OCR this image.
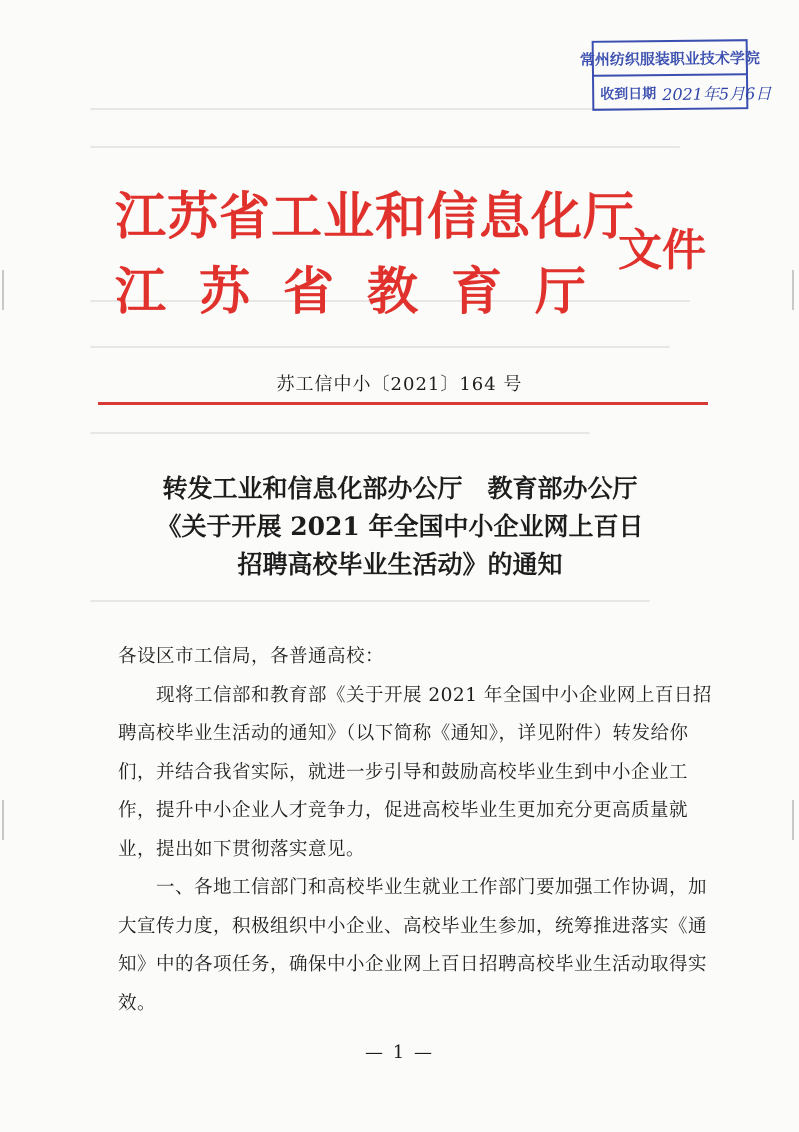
常州纺织服装职业技术学院
收到日期 2021年5月6日
江苏省工业和信息化厅
江苏省教育厅
文件
苏工信中小〔2021〕164 号
转发工业和信息化部办公厅　教育部办公厅
《关于开展 2021 年全国中小企业网上百日
招聘高校毕业生活动》的通知

各设区市工信局，各普通高校：

现将工信部和教育部《关于开展 2021 年全国中小企业网上百日招聘高校毕业生活动的通知》（以下简称《通知》，详见附件）转发给你们，并结合我省实际，就进一步引导和鼓励高校毕业生到中小企业工作，提升中小企业人才竞争力，促进高校毕业生更加充分更高质量就业，提出如下贯彻落实意见。

一、各地工信部门和高校毕业生就业工作部门要加强工作协调，加大宣传力度，积极组织中小企业、高校毕业生参加，统筹推进落实《通知》中的各项任务，确保中小企业网上百日招聘高校毕业生活动取得实效。

— 1 —
